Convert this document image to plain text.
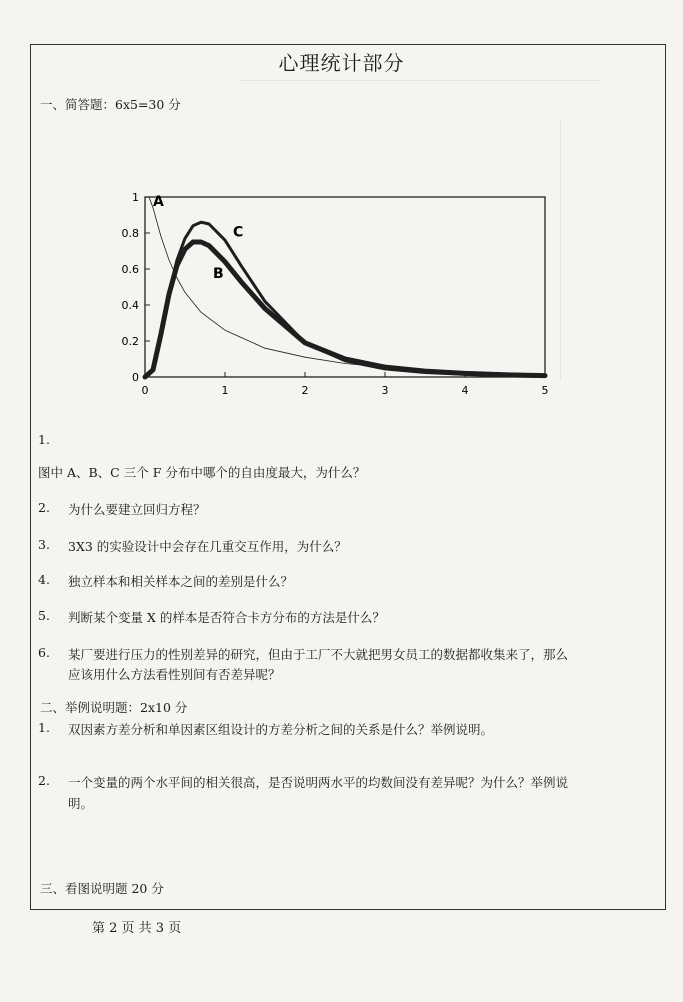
心理统计部分
一、简答题：6x5=30 分
0
0.2
0.4
0.6
0.8
1
0	1	2	3	4	5
A
B
C
1.
图中 A、B、C 三个 F 分布中哪个的自由度最大，为什么？
2. 为什么要建立回归方程？
3. 3X3 的实验设计中会存在几重交互作用，为什么？
4. 独立样本和相关样本之间的差别是什么？
5. 判断某个变量 X 的样本是否符合卡方分布的方法是什么？
6. 某厂要进行压力的性别差异的研究，但由于工厂不大就把男女员工的数据都收集来了，那么
应该用什么方法看性别间有否差异呢？
二、举例说明题：2x10 分
1. 双因素方差分析和单因素区组设计的方差分析之间的关系是什么？举例说明。
2. 一个变量的两个水平间的相关很高，是否说明两水平的均数间没有差异呢？为什么？举例说
明。
三、看图说明题 20 分
第 2 页 共 3 页
